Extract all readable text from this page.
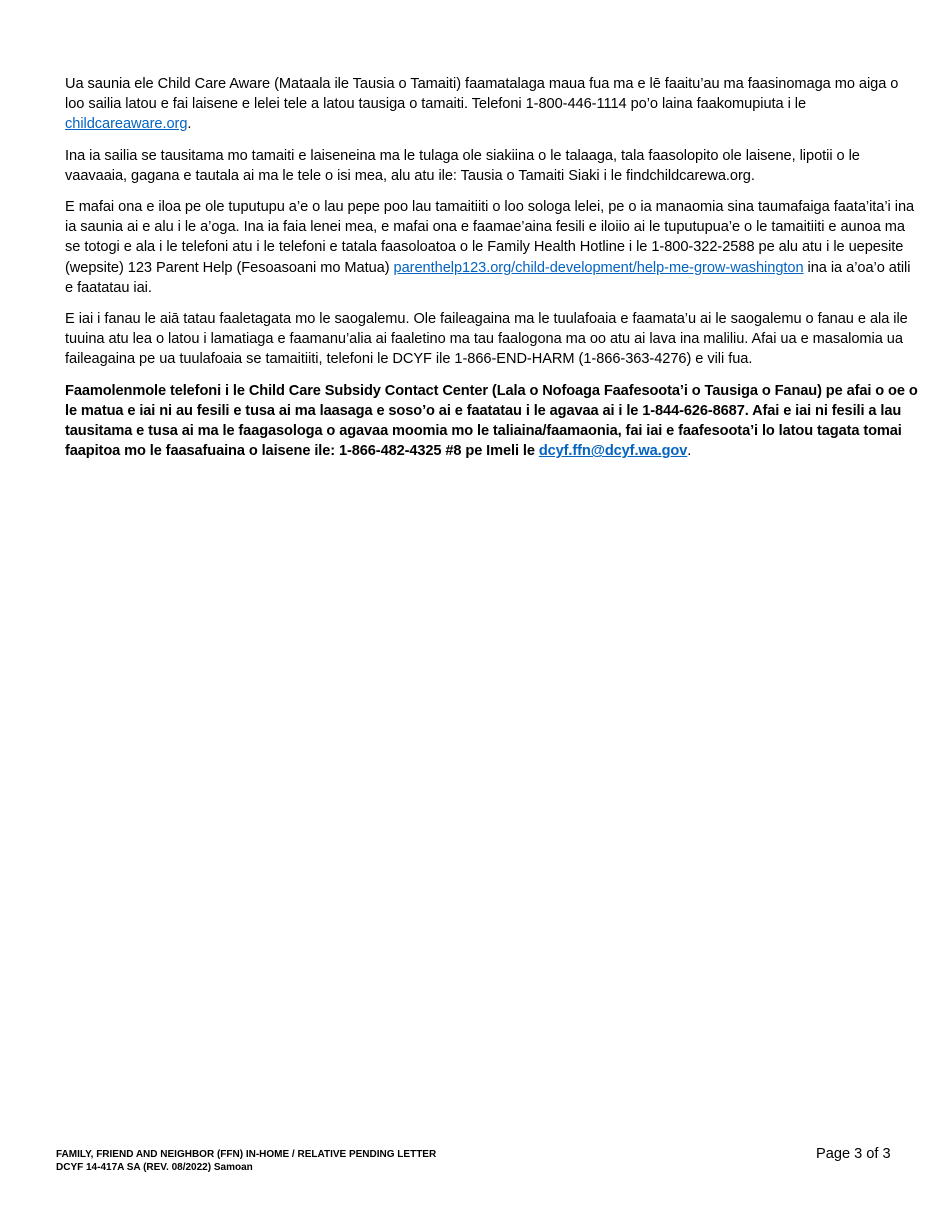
Ua saunia ele Child Care Aware (Mataala ile Tausia o Tamaiti) faamatalaga maua fua ma e lē faaitu’au ma faasinomaga mo aiga o loo sailia latou e fai laisene e lelei tele a latou tausiga o tamaiti. Telefoni 1-800-446-1114 po’o laina faakomupiuta i le childcareaware.org.

Ina ia sailia se tausitama mo tamaiti e laiseneina ma le tulaga ole siakiina o le talaaga, tala faasolopito ole laisene, lipotii o le vaavaaia, gagana e tautala ai ma le tele o isi mea, alu atu ile: Tausia o Tamaiti Siaki i le findchildcarewa.org.

E mafai ona e iloa pe ole tuputupu a’e o lau pepe poo lau tamaitiiti o loo sologa lelei, pe o ia manaomia sina taumafaiga faata’ita’i ina ia saunia ai e alu i le a’oga. Ina ia faia lenei mea, e mafai ona e faamae’aina fesili e iloiio ai le tuputupua’e o le tamaitiiti e aunoa ma se totogi e ala i le telefoni atu i le telefoni e tatala faasoloatoa o le Family Health Hotline i le 1-800-322-2588 pe alu atu i le uepesite (wepsite) 123 Parent Help (Fesoasoani mo Matua) parenthelp123.org/child-development/help-me-grow-washington ina ia a’oa’o atili e faatatau iai.

E iai i fanau le aiā tatau faaletagata mo le saogalemu. Ole faileagaina ma le tuulafoaia e faamata’u ai le saogalemu o fanau e ala ile tuuina atu lea o latou i lamatiaga e faamanu’alia ai faaletino ma tau faalogona ma oo atu ai lava ina maliliu. Afai ua e masalomia ua faileagaina pe ua tuulafoaia se tamaitiiti, telefoni le DCYF ile 1-866-END-HARM (1-866-363-4276) e vili fua.

Faamolenmole telefoni i le Child Care Subsidy Contact Center (Lala o Nofoaga Faafesoota’i o Tausiga o Fanau) pe afai o oe o le matua e iai ni au fesili e tusa ai ma laasaga e soso’o ai e faatatau i le agavaa ai i le 1-844-626-8687. Afai e iai ni fesili a lau tausitama e tusa ai ma le faagasologa o agavaa moomia mo le taliaina/faamaonia, fai iai e faafesoota’i lo latou tagata tomai faapitoa mo le faasafuaina o laisene ile: 1-866-482-4325 #8 pe Imeli le dcyf.ffn@dcyf.wa.gov.

FAMILY, FRIEND AND NEIGHBOR (FFN) IN-HOME / RELATIVE PENDING LETTER
DCYF 14-417A SA (REV. 08/2022) Samoan
Page 3 of 3
